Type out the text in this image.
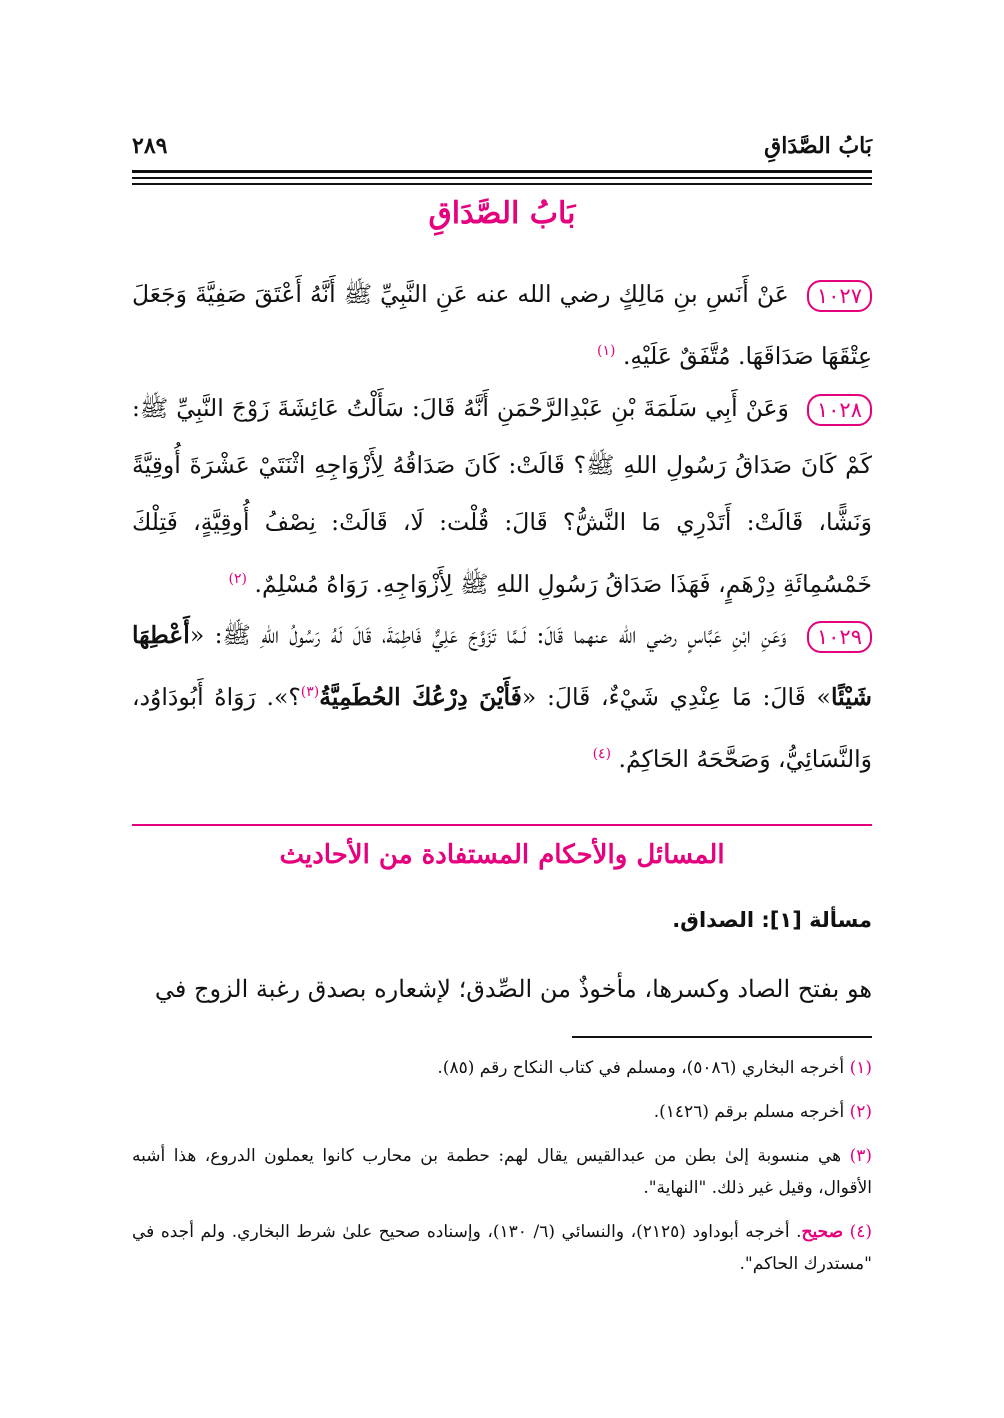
بَابُ الصَّدَاقِ
٢٨٩
بَابُ الصَّدَاقِ
١٠٢٧ عَنْ أَنَسِ بنِ مَالِكٍ رضي الله عنه عَنِ النَّبِيِّ ﷺ أَنَّهُ أَعْتَقَ صَفِيَّةَ وَجَعَلَ عِتْقَهَا صَدَاقَهَا. مُتَّفَقٌ عَلَيْهِ. $^{(١)}$
١٠٢٨ وَعَنْ أَبِي سَلَمَةَ بْنِ عَبْدِالرَّحْمَنِ أَنَّهُ قَالَ: سَأَلْتُ عَائِشَةَ زَوْجَ النَّبِيِّ ﷺ: كَمْ كَانَ صَدَاقُ رَسُولِ اللهِ ﷺ؟ قَالَتْ: كَانَ صَدَاقُهُ لِأَزْوَاجِهِ اثْنَتَيْ عَشْرَةَ أُوقِيَّةً وَنَشًّا، قَالَتْ: أَتَدْرِي مَا النَّشُّ؟ قَالَ: قُلْت: لَا، قَالَتْ: نِصْفُ أُوقِيَّةٍ، فَتِلْكَ خَمْسُمِائَةِ دِرْهَمٍ، فَهَذَا صَدَاقُ رَسُولِ اللهِ ﷺ لِأَزْوَاجِهِ. رَوَاهُ مُسْلِمٌ. $^{(٢)}$
١٠٢٩ وَعَنِ ابْنِ عَبَّاسٍ رضي الله عنهما قَالَ: لَـمَّا تَزَوَّجَ عَلِيٌّ فَاطِمَةَ، قَالَ لَهُ رَسُولُ اللهِ ﷺ: «أَعْطِهَا شَيْئًا» قَالَ: مَا عِنْدِي شَيْءٌ، قَالَ: «فَأَيْنَ دِرْعُكَ الحُطَمِيَّةُ$^{(٣)}$؟». رَوَاهُ أَبُودَاوُد، وَالنَّسَائِيُّ، وَصَحَّحَهُ الحَاكِمُ. $^{(٤)}$
المسائل والأحكام المستفادة من الأحاديث
مسألة [١]: الصداق.
هو بفتح الصاد وكسرها، مأخوذٌ من الصِّدق؛ لإشعاره بصدق رغبة الزوج في

(١) أخرجه البخاري (٥٠٨٦)، ومسلم في كتاب النكاح رقم (٨٥).

(٢) أخرجه مسلم برقم (١٤٢٦).

(٣) هي منسوبة إلىٰ بطن من عبدالقيس يقال لهم: حطمة بن محارب كانوا يعملون الدروع، هذا أشبه الأقوال، وقيل غير ذلك. "النهاية".

(٤) صحيح. أخرجه أبوداود (٢١٢٥)، والنسائي (٦/ ١٣٠)، وإسناده صحيح علىٰ شرط البخاري. ولم أجده في "مستدرك الحاكم".
